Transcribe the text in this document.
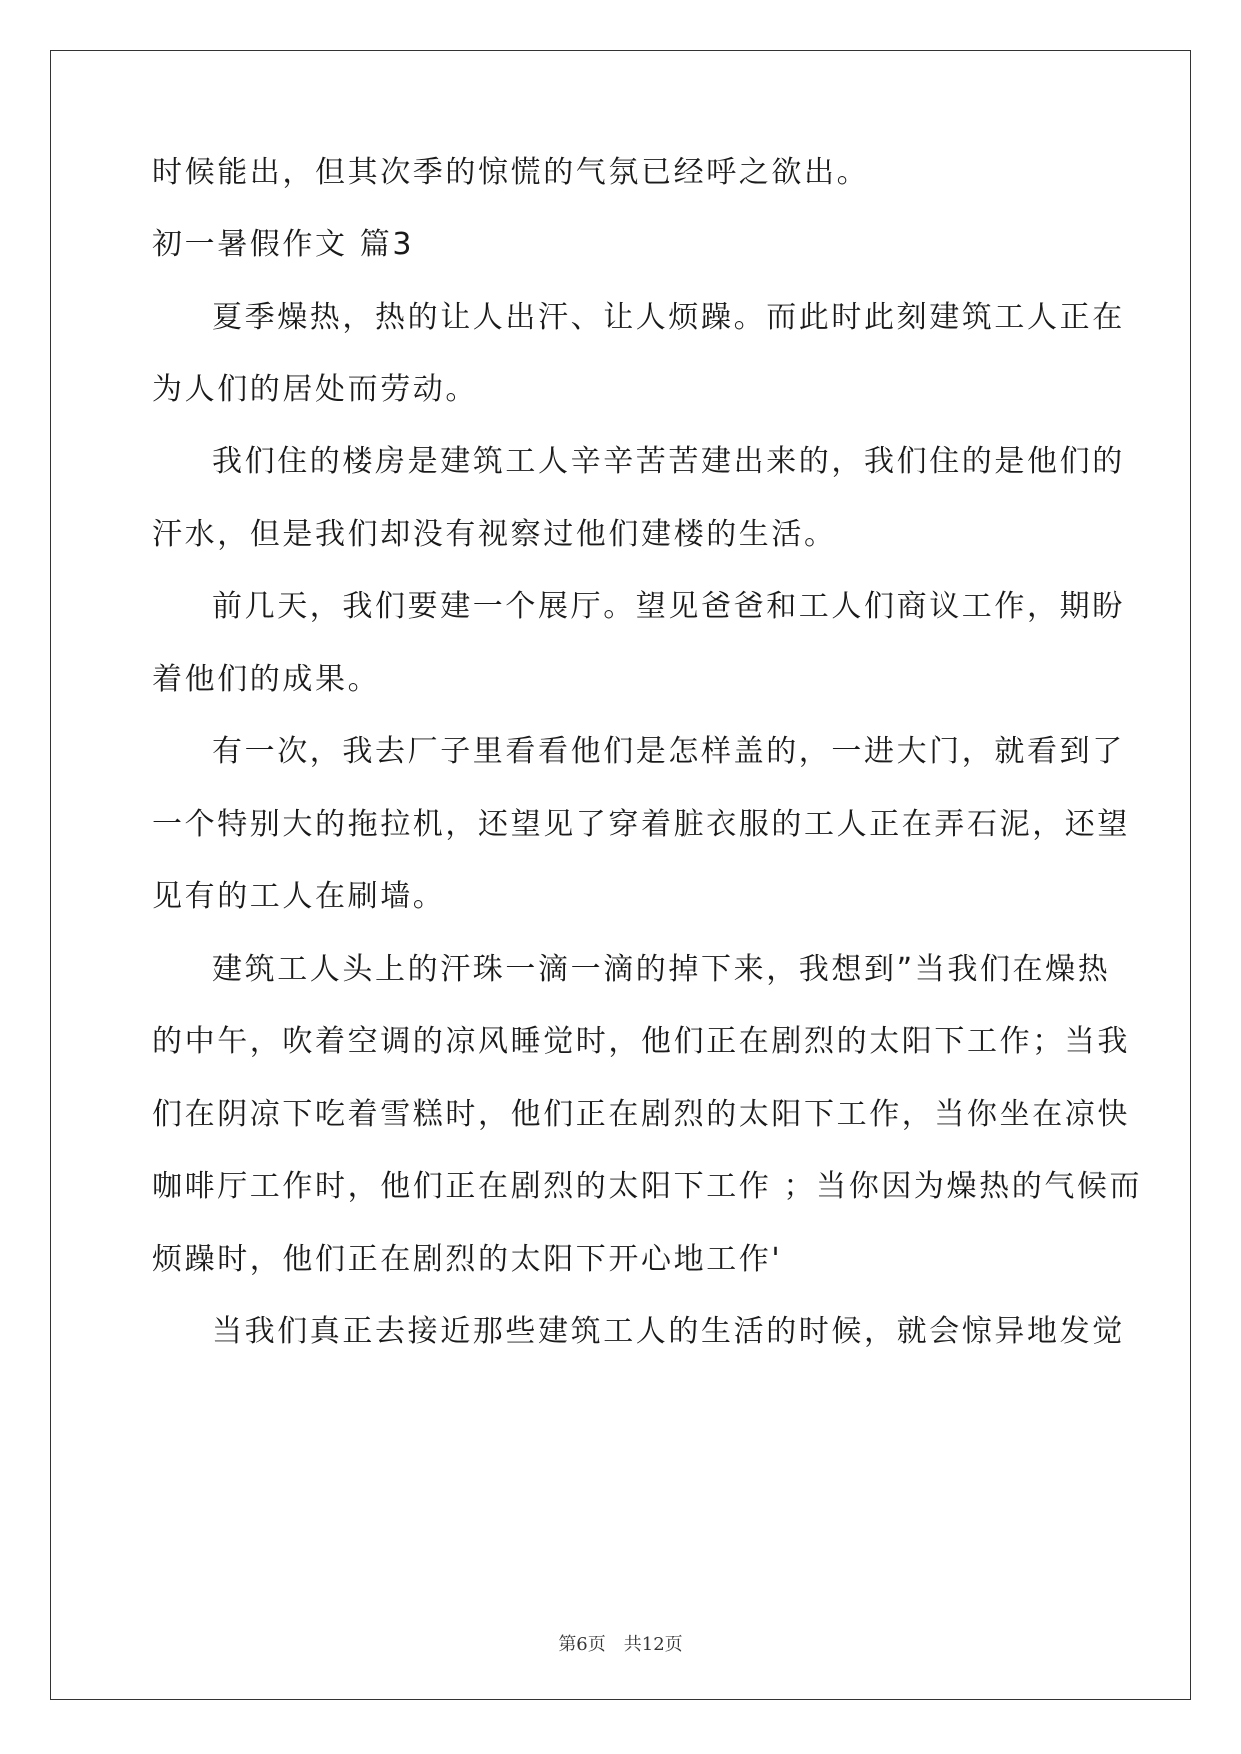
时候能出，但其次季的惊慌的气氛已经呼之欲出。
初一暑假作文 篇3
夏季燥热，热的让人出汗、让人烦躁。而此时此刻建筑工人正在
为人们的居处而劳动。
我们住的楼房是建筑工人辛辛苦苦建出来的，我们住的是他们的
汗水，但是我们却没有视察过他们建楼的生活。
前几天，我们要建一个展厅。望见爸爸和工人们商议工作，期盼
着他们的成果。
有一次，我去厂子里看看他们是怎样盖的，一进大门，就看到了
一个特别大的拖拉机，还望见了穿着脏衣服的工人正在弄石泥，还望
见有的工人在刷墙。
建筑工人头上的汗珠一滴一滴的掉下来，我想到”当我们在燥热
的中午，吹着空调的凉风睡觉时，他们正在剧烈的太阳下工作；当我
们在阴凉下吃着雪糕时，他们正在剧烈的太阳下工作，当你坐在凉快
咖啡厅工作时，他们正在剧烈的太阳下工作 ；当你因为燥热的气候而
烦躁时，他们正在剧烈的太阳下开心地工作'
当我们真正去接近那些建筑工人的生活的时候，就会惊异地发觉
第6页 共12页
